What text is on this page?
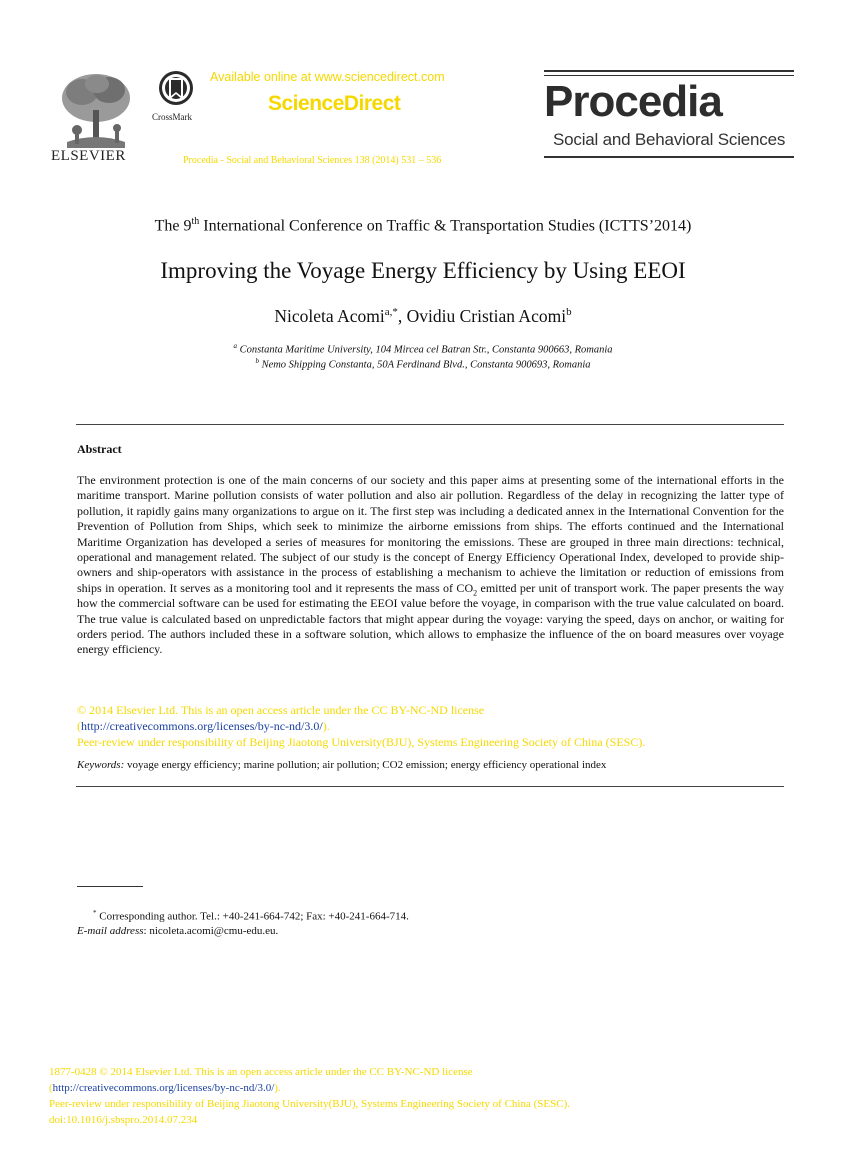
ELSEVIER
CrossMark
Available online at www.sciencedirect.com
ScienceDirect
Procedia - Social and Behavioral Sciences 138 (2014) 531 – 536
Procedia
Social and Behavioral Sciences
The 9th International Conference on Traffic & Transportation Studies (ICTTS’2014)
Improving the Voyage Energy Efficiency by Using EEOI
Nicoleta Acomi$^{a,*}$, Ovidiu Cristian Acomi$^b$
$^a$ Constanta Maritime University, 104 Mircea cel Batran Str., Constanta 900663, Romania
$^b$ Nemo Shipping Constanta, 50A Ferdinand Blvd., Constanta 900693, Romania
Abstract
The environment protection is one of the main concerns of our society and this paper aims at presenting some of the international efforts in the maritime transport. Marine pollution consists of water pollution and also air pollution. Regardless of the delay in recognizing the latter type of pollution, it rapidly gains many organizations to argue on it. The first step was including a dedicated annex in the International Convention for the Prevention of Pollution from Ships, which seek to minimize the airborne emissions from ships. The efforts continued and the International Maritime Organization has developed a series of measures for monitoring the emissions. These are grouped in three main directions: technical, operational and management related. The subject of our study is the concept of Energy Efficiency Operational Index, developed to provide ship-owners and ship-operators with assistance in the process of establishing a mechanism to achieve the limitation or reduction of emissions from ships in operation. It serves as a monitoring tool and it represents the mass of $CO_2$ emitted per unit of transport work. The paper presents the way how the commercial software can be used for estimating the EEOI value before the voyage, in comparison with the true value calculated on board. The true value is calculated based on unpredictable factors that might appear during the voyage: varying the speed, days on anchor, or waiting for orders period. The authors included these in a software solution, which allows to emphasize the influence of the on board measures over voyage energy efficiency.
© 2014 Elsevier Ltd. This is an open access article under the CC BY-NC-ND license
(http://creativecommons.org/licenses/by-nc-nd/3.0/).
Peer-review under responsibility of Beijing Jiaotong University(BJU), Systems Engineering Society of China (SESC).
Keywords: voyage energy efficiency; marine pollution; air pollution; CO2 emission; energy efficiency operational index
* Corresponding author. Tel.: +40-241-664-742; Fax: +40-241-664-714.
E-mail address: nicoleta.acomi@cmu-edu.eu.
1877-0428 © 2014 Elsevier Ltd. This is an open access article under the CC BY-NC-ND license
(http://creativecommons.org/licenses/by-nc-nd/3.0/).
Peer-review under responsibility of Beijing Jiaotong University(BJU), Systems Engineering Society of China (SESC).
doi:10.1016/j.sbspro.2014.07.234
